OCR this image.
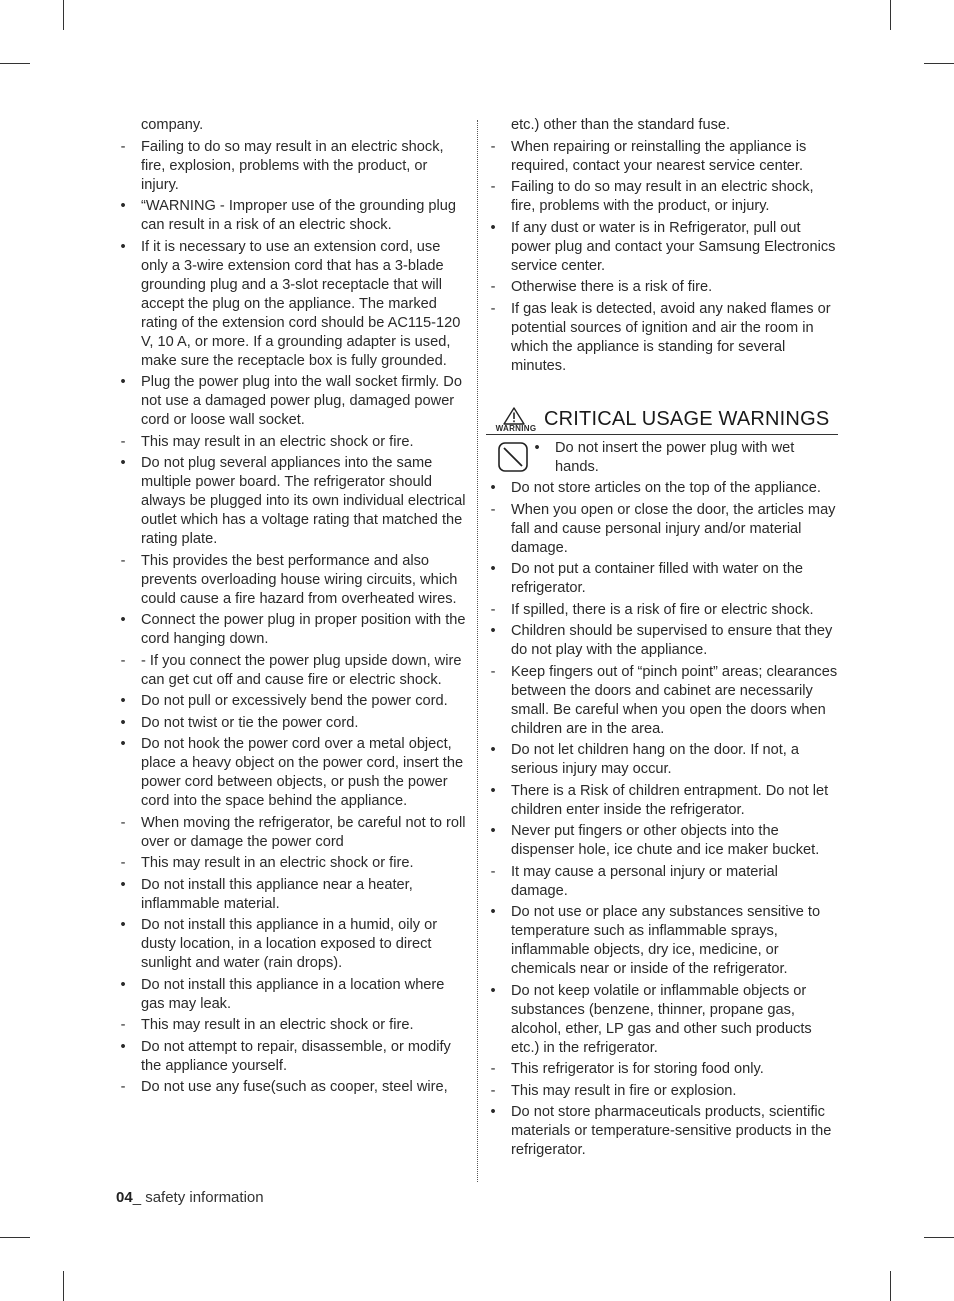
company.
-	Failing to do so may result in an electric shock, fire, explosion, problems with the product, or injury.
•	“WARNING - Improper use of the grounding plug can result in a risk of an electric shock.
•	If it is necessary to use an extension cord, use only a 3-wire extension cord that has a 3-blade grounding plug and a 3-slot receptacle that will accept the plug on the appliance. The marked rating of the extension cord should be AC115-120 V, 10 A, or more. If a grounding adapter is used, make sure the receptacle box is fully grounded.
•	Plug the power plug into the wall socket firmly. Do not use a damaged power plug, damaged power cord or loose wall socket.
-	This may result in an electric shock or fire.
•	Do not plug several appliances into the same multiple power board. The refrigerator should always be plugged into its own individual electrical outlet which has a voltage rating that matched the rating plate.
-	This provides the best performance and also prevents overloading house wiring circuits, which could cause a fire hazard from overheated wires.
•	Connect the power plug in proper position with the cord hanging down.
-	- If you connect the power plug upside down, wire can get cut off and cause fire or electric shock.
•	Do not pull or excessively bend the power cord.
•	Do not twist or tie the power cord.
•	Do not hook the power cord over a metal object, place a heavy object on the power cord, insert the power cord between objects, or push the power cord into the space behind the appliance.
-	When moving the refrigerator, be careful not to roll over or damage the power cord
-	This may result in an electric shock or fire.
•	Do not install this appliance near a heater, inflammable material.
•	Do not install this appliance in a humid, oily or dusty location, in a location exposed to direct sunlight and water (rain drops).
•	Do not install this appliance in a location where gas may leak.
-	This may result in an electric shock or fire.
•	Do not attempt to repair, disassemble, or modify the appliance yourself.
-	Do not use any fuse(such as cooper, steel wire,
etc.) other than the standard fuse.
-	When repairing or reinstalling the appliance is required, contact your nearest service center.
-	Failing to do so may result in an electric shock, fire, problems with the product, or injury.
•	If any dust or water is in Refrigerator, pull out power plug and contact your Samsung Electronics service center.
-	Otherwise there is a risk of fire.
-	If gas leak is detected, avoid any naked flames or potential sources of ignition and air the room in which the appliance is standing for several minutes.
WARNING CRITICAL USAGE WARNINGS
•	Do not insert the power plug with wet hands.
•	Do not store articles on the top of the appliance.
-	When you open or close the door, the articles may fall and cause personal injury and/or material damage.
•	Do not put a container filled with water on the refrigerator.
-	If spilled, there is a risk of fire or electric shock.
•	Children should be supervised to ensure that they do not play with the appliance.
-	Keep fingers out of “pinch point” areas; clearances between the doors and cabinet are necessarily small. Be careful when you open the doors when children are in the area.
•	Do not let children hang on the door. If not, a serious injury may occur.
•	There is a Risk of children entrapment. Do not let children enter inside the refrigerator.
•	Never put fingers or other objects into the dispenser hole, ice chute and ice maker bucket.
-	It may cause a personal injury or material damage.
•	Do not use or place any substances sensitive to temperature such as inflammable sprays, inflammable objects, dry ice, medicine, or chemicals near or inside of the refrigerator.
•	Do not keep volatile or inflammable objects or substances (benzene, thinner, propane gas, alcohol, ether, LP gas and other such products etc.) in the refrigerator.
-	This refrigerator is for storing food only.
-	This may result in fire or explosion.
•	Do not store pharmaceuticals products, scientific materials or temperature-sensitive products in the refrigerator.
04_ safety information
